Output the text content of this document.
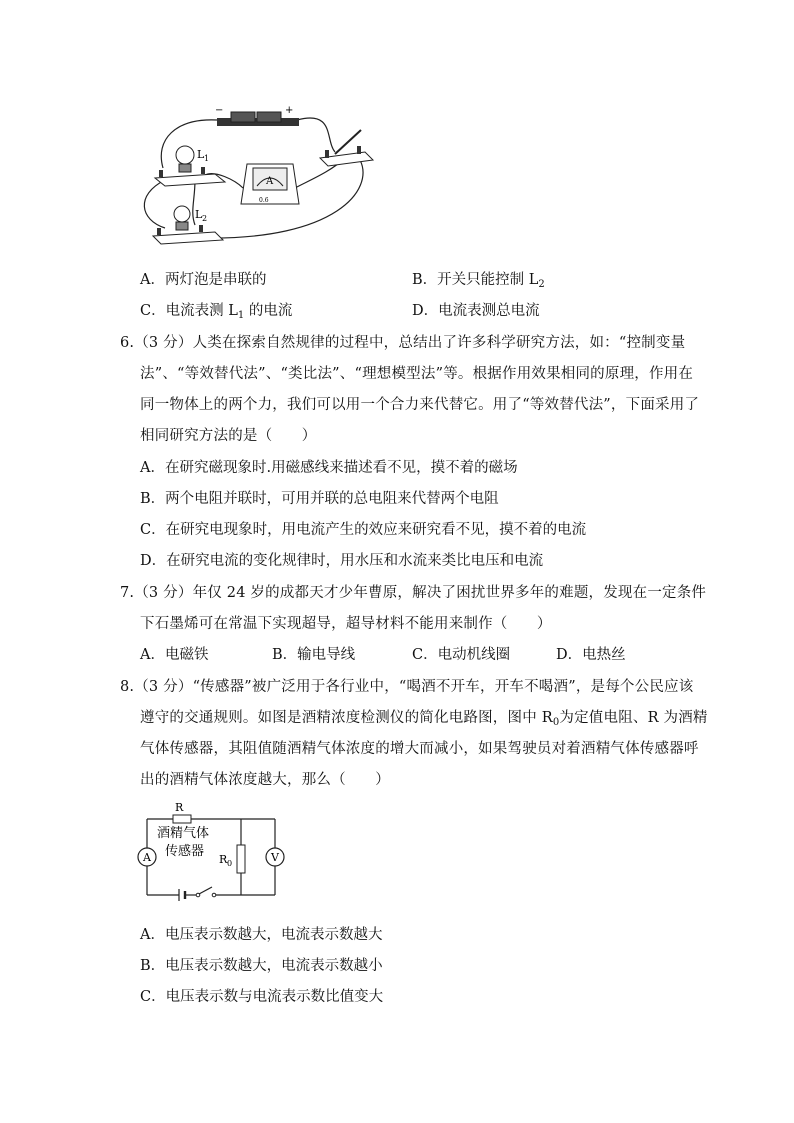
−	+
L 1
L 2
A
0.6
A．两灯泡是串联的	B．开关只能控制 $L_2$
C．电流表测 $L_1$ 的电流	D．电流表测总电流
6.（3 分）人类在探索自然规律的过程中，总结出了许多科学研究方法，如：“控制变量
法”、“等效替代法”、“类比法”、“理想模型法”等。根据作用效果相同的原理，作用在
同一物体上的两个力，我们可以用一个合力来代替它。用了“等效替代法”，下面采用了
相同研究方法的是（　　）
A．在研究磁现象时.用磁感线来描述看不见，摸不着的磁场
B．两个电阻并联时，可用并联的总电阻来代替两个电阻
C．在研究电现象时，用电流产生的效应来研究看不见，摸不着的电流
D．在研究电流的变化规律时，用水压和水流来类比电压和电流
7.（3 分）年仅 24 岁的成都天才少年曹原，解决了困扰世界多年的难题，发现在一定条件
下石墨烯可在常温下实现超导，超导材料不能用来制作（　　）
A．电磁铁	B．输电导线	C．电动机线圈	D．电热丝
8.（3 分）“传感器”被广泛用于各行业中，“喝酒不开车，开车不喝酒”，是每个公民应该
遵守的交通规则。如图是酒精浓度检测仪的简化电路图，图中 $R_0$为定值电阻、R 为酒精
气体传感器，其阻值随酒精气体浓度的增大而减小，如果驾驶员对着酒精气体传感器呼
出的酒精气体浓度越大，那么（　　）
R
酒精气体
传感器
R 0
A	V
A．电压表示数越大，电流表示数越大
B．电压表示数越大，电流表示数越小
C．电压表示数与电流表示数比值变大
